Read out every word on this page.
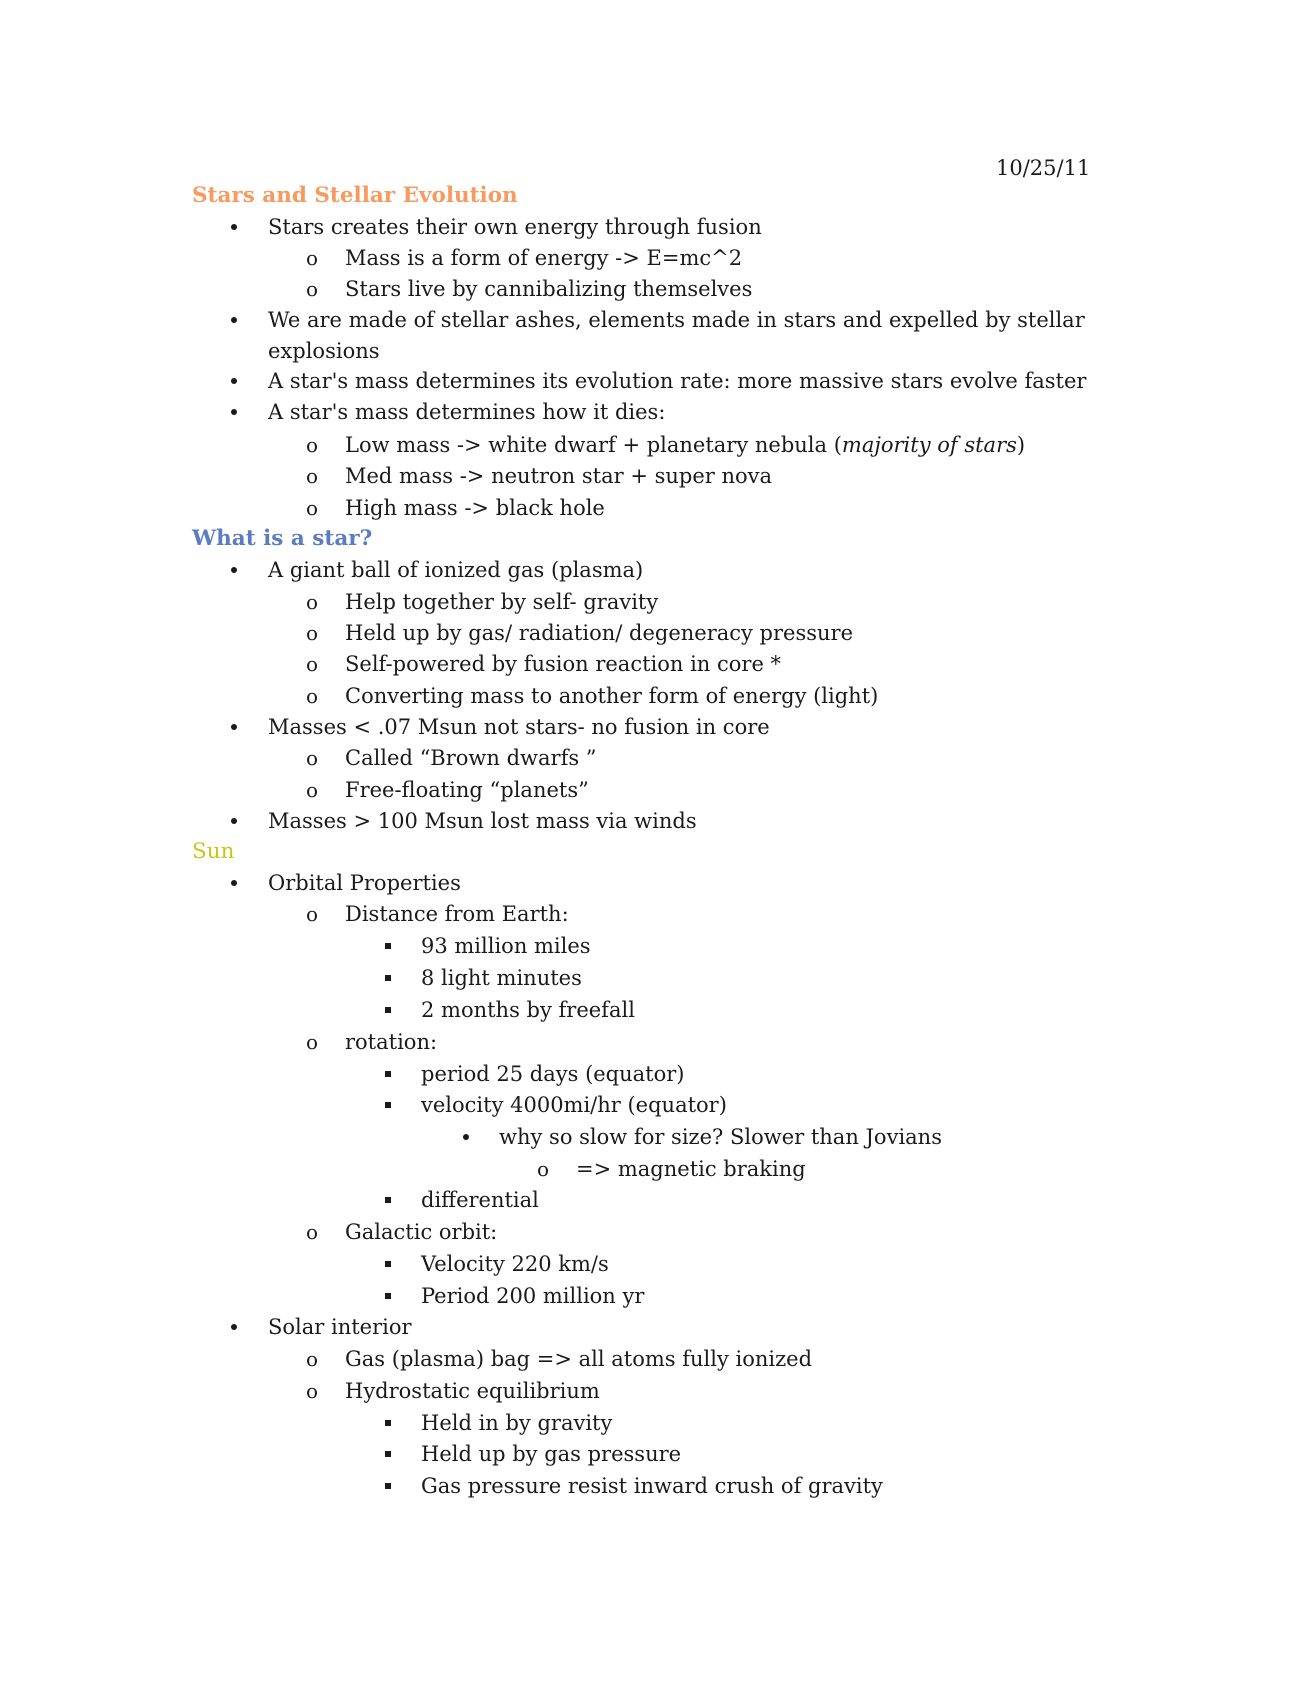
10/25/11
Stars and Stellar Evolution
Stars creates their own energy through fusion
o Mass is a form of energy -> E=mc^2
o Stars live by cannibalizing themselves
We are made of stellar ashes, elements made in stars and expelled by stellar
explosions
A star's mass determines its evolution rate: more massive stars evolve faster
A star's mass determines how it dies:
o Low mass -> white dwarf + planetary nebula (majority of stars)
o Med mass -> neutron star + super nova
o High mass -> black hole
What is a star?
A giant ball of ionized gas (plasma)
o Help together by self- gravity
o Held up by gas/ radiation/ degeneracy pressure
o Self-powered by fusion reaction in core *
o Converting mass to another form of energy (light)
Masses < .07 Msun not stars- no fusion in core
o Called “Brown dwarfs ”
o Free-floating “planets”
Masses > 100 Msun lost mass via winds
Sun
Orbital Properties
o Distance from Earth:
93 million miles
8 light minutes
2 months by freefall
o rotation:
period 25 days (equator)
velocity 4000mi/hr (equator)
why so slow for size? Slower than Jovians
o => magnetic braking
differential
o Galactic orbit:
Velocity 220 km/s
Period 200 million yr
Solar interior
o Gas (plasma) bag => all atoms fully ionized
o Hydrostatic equilibrium
Held in by gravity
Held up by gas pressure
Gas pressure resist inward crush of gravity
